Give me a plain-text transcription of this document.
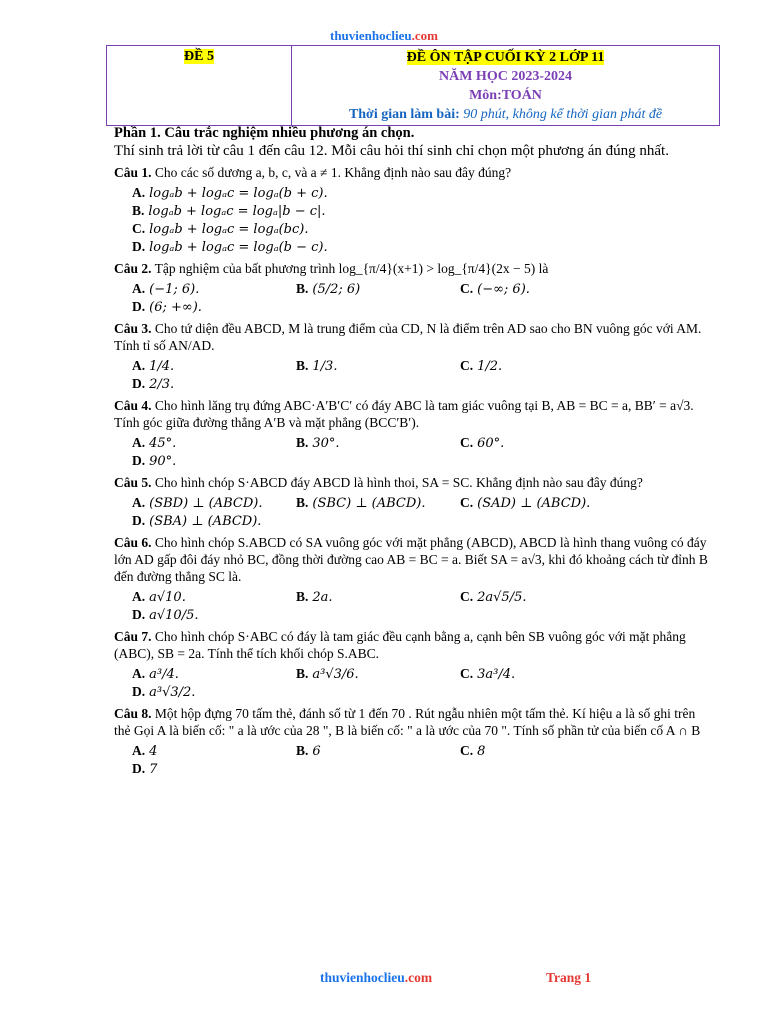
thuvienhoclieu.com
ĐỀ 5	ĐỀ ÔN TẬP CUỐI KỲ 2 LỚP 11
NĂM HỌC 2023-2024
Môn:TOÁN
Thời gian làm bài: 90 phút, không kể thời gian phát đề
Phần 1. Câu trắc nghiệm nhiều phương án chọn.
Thí sinh trả lời từ câu 1 đến câu 12. Mỗi câu hỏi thí sinh chỉ chọn một phương án đúng nhất.
Câu 1. Cho các số dương a, b, c, và a ≠ 1. Khẳng định nào sau đây đúng?
A. logₐb + logₐc = logₐ(b + c).
B. logₐb + logₐc = logₐ|b − c|.
C. logₐb + logₐc = logₐ(bc).
D. logₐb + logₐc = logₐ(b − c).
Câu 2. Tập nghiệm của bất phương trình log_{π/4}(x+1) > log_{π/4}(2x − 5) là
A. (−1; 6).	B. (5/2; 6)	C. (−∞; 6).
D. (6; +∞).
Câu 3. Cho tứ diện đều ABCD, M là trung điểm của CD, N là điểm trên AD sao cho BN vuông góc với AM. Tính tỉ số AN/AD.
A. 1/4.	B. 1/3.	C. 1/2.
D. 2/3.
Câu 4. Cho hình lăng trụ đứng ABC·A′B′C′ có đáy ABC là tam giác vuông tại B, AB = BC = a, BB′ = a√3. Tính góc giữa đường thẳng A′B và mặt phẳng (BCC′B′).
A. 45°.	B. 30°.	C. 60°.
D. 90°.
Câu 5. Cho hình chóp S·ABCD đáy ABCD là hình thoi, SA = SC. Khẳng định nào sau đây đúng?
A. (SBD) ⊥ (ABCD).	B. (SBC) ⊥ (ABCD).	C. (SAD) ⊥ (ABCD).
D. (SBA) ⊥ (ABCD).
Câu 6. Cho hình chóp S.ABCD có SA vuông góc với mặt phẳng (ABCD), ABCD là hình thang vuông có đáy lớn AD gấp đôi đáy nhỏ BC, đồng thời đường cao AB = BC = a. Biết SA = a√3, khi đó khoảng cách từ đỉnh B đến đường thẳng SC là.
A. a√10.	B. 2a.	C. 2a√5/5.
D. a√10/5.
Câu 7. Cho hình chóp S·ABC có đáy là tam giác đều cạnh bằng a, cạnh bên SB vuông góc với mặt phẳng (ABC), SB = 2a. Tính thể tích khối chóp S.ABC.
A. a³/4.	B. a³√3/6.	C. 3a³/4.
D. a³√3/2.
Câu 8. Một hộp đựng 70 tấm thẻ, đánh số từ 1 đến 70 . Rút ngẫu nhiên một tấm thẻ. Kí hiệu a là số ghi trên thẻ Gọi A là biến cố: " a là ước của 28 ", B là biến cố: " a là ước của 70 ". Tính số phần tử của biến cố A ∩ B
A. 4	B. 6	C. 8
D. 7
thuvienhoclieu.com	Trang 1
